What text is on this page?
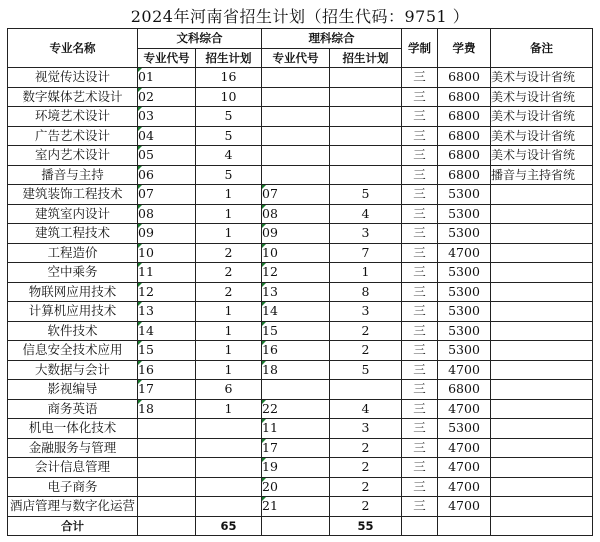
2024年河南省招生计划（招生代码：9751 ）
专业名称	文科综合		理科综合		学制	学费	备注
	专业代号	招生计划	专业代号	招生计划			
视觉传达设计	01	16			三	6800	美术与设计省统
数字媒体艺术设计	02	10			三	6800	美术与设计省统
环境艺术设计	03	5			三	6800	美术与设计省统
广告艺术设计	04	5			三	6800	美术与设计省统
室内艺术设计	05	4			三	6800	美术与设计省统
播音与主持	06	5			三	6800	播音与主持省统
建筑装饰工程技术	07	1	07	5	三	5300	
建筑室内设计	08	1	08	4	三	5300	
建筑工程技术	09	1	09	3	三	5300	
工程造价	10	2	10	7	三	4700	
空中乘务	11	2	12	1	三	5300	
物联网应用技术	12	2	13	8	三	5300	
计算机应用技术	13	1	14	3	三	5300	
软件技术	14	1	15	2	三	5300	
信息安全技术应用	15	1	16	2	三	5300	
大数据与会计	16	1	18	5	三	4700	
影视编导	17	6			三	6800	
商务英语	18	1	22	4	三	4700	
机电一体化技术			11	3	三	5300	
金融服务与管理			17	2	三	4700	
会计信息管理			19	2	三	4700	
电子商务			20	2	三	4700	
酒店管理与数字化运营			21	2	三	4700	
合计		65		55			
